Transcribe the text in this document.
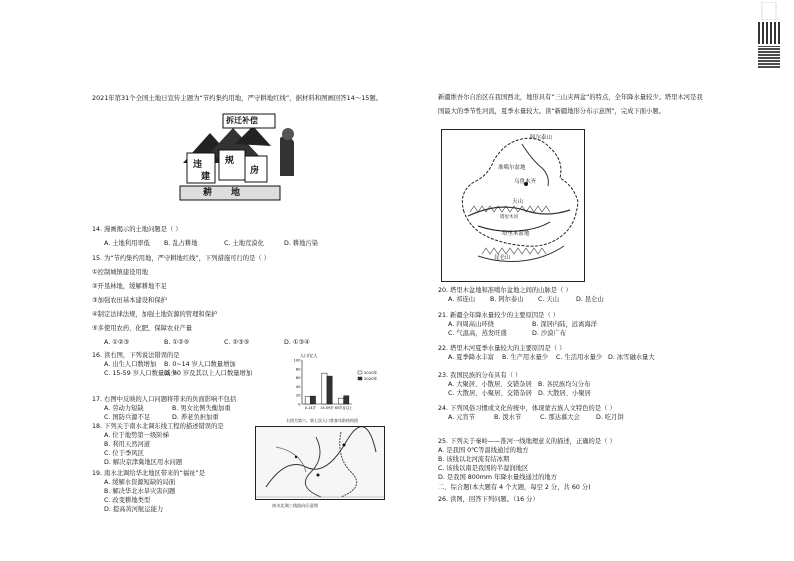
2021年第31个全国土地日宣传主题为“节约集约用地，严守耕地红线”，据材料和图画回答14～15题。
拆迁补偿
违	规
建
房
耕 地
14. 漫画揭示的土地问题是（ ）
A. 土地利用率低 B. 乱占耕地	C. 土地荒漠化	D. 耕地污染
15. 为“节约集约用地，严守耕地红线”，下列措施可行的是（ ）
①控制城镇建设用地
②开垦林地，缓解耕地不足
③加强农田基本建设和保护
④制定法律法规，加强土地资源的管理和保护
⑤多使用农药、化肥，保障农业产量
A. ①②③	B. ①②⑤	C. ②③⑤	D. ①③④
16. 读右图，下列说法错误的是
A. 出生人口数增加 B. 0~14 岁人口数量增加
C. 15-59 岁人口数量减少
D. 60 岁及其以上人口数量增加
17. 右图中反映的人口问题将带来的负面影响不包括
A. 劳动力短缺	B. 男女比例失衡加重
C. 国防兵源不足	D. 养老负担加重
18. 下列关于南水北调东线工程的描述错误的是
A. 位于地势第一级阶梯
B. 利用天然河道
C. 位于季风区
D. 解决京津冀地区用水问题
19. 南水北调给华北地区带来的“福祉”是
A. 缓解水资源短缺的局面
B. 解决华北水旱灾害问题
C. 改变耕地类型
D. 提高黄河航运能力
人口/亿人
0
20
40
60
80
100
0-14岁 15-59岁 60岁及以上
2010年
2020年
右图为第六、第七次人口普查年龄结构图
南水北调三线流向示意图
新疆维吾尔自治区在我国西北，地形具有“三山夹两盆”的特点，全年降水量较少。塔里木河是我
国最大的季节性河流，夏季水量较大。读“新疆地形分布示意图”，完成下面小题。
阿尔泰山
准噶尔盆地
乌鲁木齐
天山
塔里木河
塔里木盆地
昆仑山
20. 塔里木盆地和准噶尔盆地之间的山脉是（ ）
A. 祁连山 B. 阿尔泰山 C. 天山	D. 昆仑山
21. 新疆全年降水量较少的主要原因是（ ）
A. 四周高山环绕	B. 深居内陆，远离海洋
C. 气温高，蒸发旺盛	D. 沙漠广布
22. 塔里木河夏季水量较大的主要原因是（ ）
A. 夏季降水丰富 B. 生产用水量少 C. 生活用水量少 D. 冰雪融水量大
23. 我国民族的分布具有（ ）
A. 大聚居、小散居、交错杂居 B. 各民族均匀分布
C. 大散居、小聚居、交错杂居 D. 大散居、小聚居
24. 下列风俗习惯或文化传统中，体现蒙古族人文特色的是（ ）
A. 元宵节	B. 泼水节	C. 那达慕大会	D. 吃月饼
25. 下列关于秦岭——淮河一线地理意义的描述，正确的是（ ）
A. 是我国 0℃等温线通过的地方
B. 该线以北河流有结冰期
C. 该线以南是我国的半湿润地区
D. 是我国 800mm 年降水量线通过的地方
二、综合题(本大题有 4 个大题，每空 2 分，共 60 分)
26. 读图，回答下列问题。（16 分）
